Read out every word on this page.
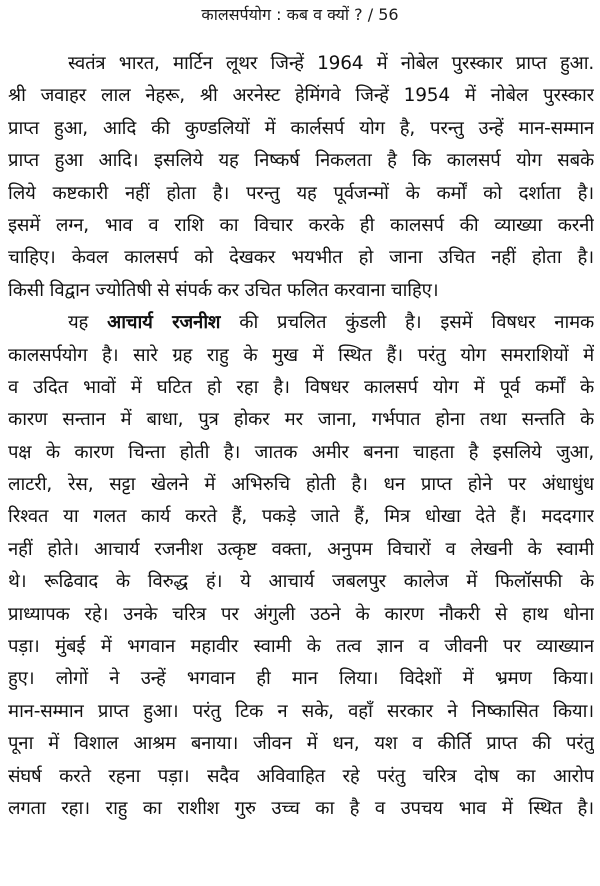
कालसर्पयोग : कब व क्यों ? / 56
स्वतंत्र भारत, मार्टिन लूथर जिन्हें 1964 में नोबेल पुरस्कार प्राप्त हुआ.
श्री जवाहर लाल नेहरू, श्री अरनेस्ट हेमिंगवे जिन्हें 1954 में नोबेल पुरस्कार
प्राप्त हुआ, आदि की कुण्डलियों में कार्लसर्प योग है, परन्तु उन्हें मान-सम्मान
प्राप्त हुआ आदि। इसलिये यह निष्कर्ष निकलता है कि कालसर्प योग सबके
लिये कष्टकारी नहीं होता है। परन्तु यह पूर्वजन्मों के कर्मों को दर्शाता है।
इसमें लग्न, भाव व राशि का विचार करके ही कालसर्प की व्याख्या करनी
चाहिए। केवल कालसर्प को देखकर भयभीत हो जाना उचित नहीं होता है।
किसी विद्वान ज्योतिषी से संपर्क कर उचित फलित करवाना चाहिए।
यह आचार्य रजनीश की प्रचलित कुंडली है। इसमें विषधर नामक
कालसर्पयोग है। सारे ग्रह राहु के मुख में स्थित हैं। परंतु योग समराशियों में
व उदित भावों में घटित हो रहा है। विषधर कालसर्प योग में पूर्व कर्मों के
कारण सन्तान में बाधा, पुत्र होकर मर जाना, गर्भपात होना तथा सन्तति के
पक्ष के कारण चिन्ता होती है। जातक अमीर बनना चाहता है इसलिये जुआ,
लाटरी, रेस, सट्टा खेलने में अभिरुचि होती है। धन प्राप्त होने पर अंधाधुंध
रिश्वत या गलत कार्य करते हैं, पकड़े जाते हैं, मित्र धोखा देते हैं। मददगार
नहीं होते। आचार्य रजनीश उत्कृष्ट वक्ता, अनुपम विचारों व लेखनी के स्वामी
थे। रूढिवाद के विरुद्ध हं। ये आचार्य जबलपुर कालेज में फिलॉसफी के
प्राध्यापक रहे। उनके चरित्र पर अंगुली उठने के कारण नौकरी से हाथ धोना
पड़ा। मुंबई में भगवान महावीर स्वामी के तत्व ज्ञान व जीवनी पर व्याख्यान
हुए। लोगों ने उन्हें भगवान ही मान लिया। विदेशों में भ्रमण किया।
मान-सम्मान प्राप्त हुआ। परंतु टिक न सके, वहाँ सरकार ने निष्कासित किया।
पूना में विशाल आश्रम बनाया। जीवन में धन, यश व कीर्ति प्राप्त की परंतु
संघर्ष करते रहना पड़ा। सदैव अविवाहित रहे परंतु चरित्र दोष का आरोप
लगता रहा। राहु का राशीश गुरु उच्च का है व उपचय भाव में स्थित है।
